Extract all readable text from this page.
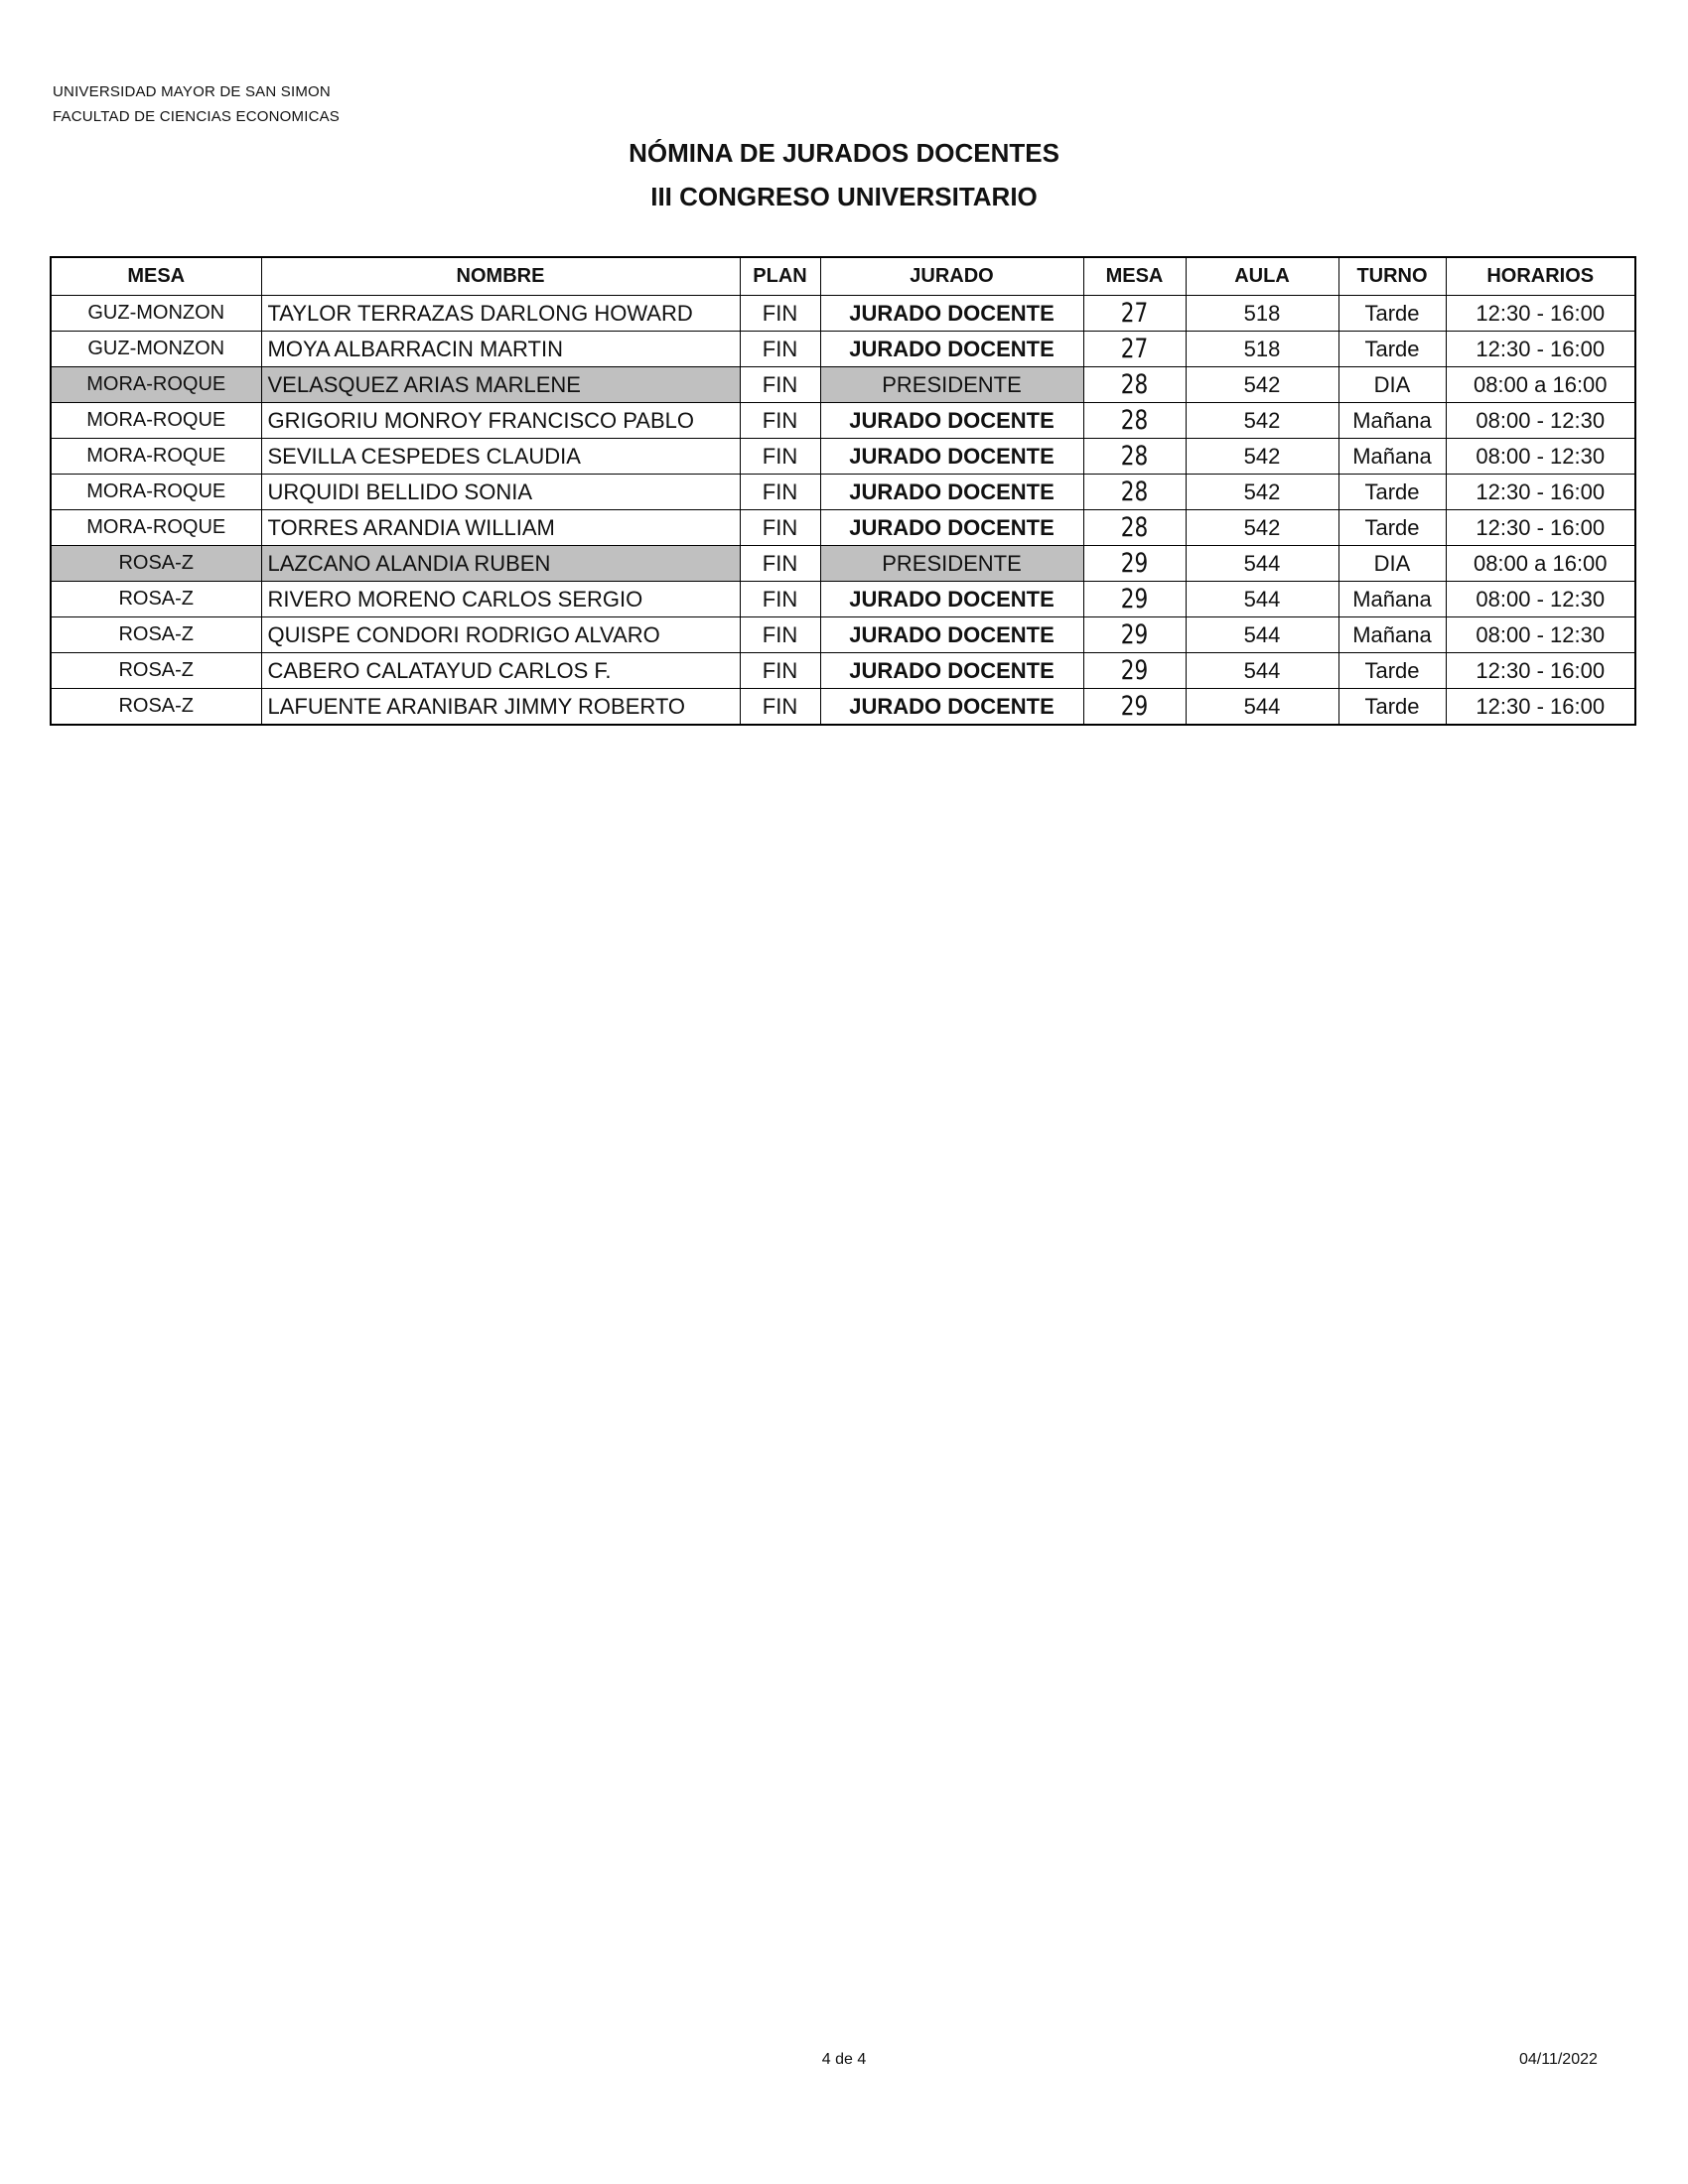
UNIVERSIDAD MAYOR DE SAN SIMON
FACULTAD DE CIENCIAS ECONOMICAS
NÓMINA DE JURADOS DOCENTES
III CONGRESO UNIVERSITARIO
MESA	NOMBRE	PLAN	JURADO	MESA	AULA	TURNO	HORARIOS
GUZ-MONZON	TAYLOR TERRAZAS DARLONG HOWARD	FIN	JURADO DOCENTE	27	518	Tarde	12:30 - 16:00
GUZ-MONZON	MOYA ALBARRACIN MARTIN	FIN	JURADO DOCENTE	27	518	Tarde	12:30 - 16:00
MORA-ROQUE	VELASQUEZ ARIAS MARLENE	FIN	PRESIDENTE	28	542	DIA	08:00 a 16:00
MORA-ROQUE	GRIGORIU MONROY FRANCISCO PABLO	FIN	JURADO DOCENTE	28	542	Mañana	08:00 - 12:30
MORA-ROQUE	SEVILLA CESPEDES CLAUDIA	FIN	JURADO DOCENTE	28	542	Mañana	08:00 - 12:30
MORA-ROQUE	URQUIDI BELLIDO SONIA	FIN	JURADO DOCENTE	28	542	Tarde	12:30 - 16:00
MORA-ROQUE	TORRES ARANDIA WILLIAM	FIN	JURADO DOCENTE	28	542	Tarde	12:30 - 16:00
ROSA-Z	LAZCANO ALANDIA RUBEN	FIN	PRESIDENTE	29	544	DIA	08:00 a 16:00
ROSA-Z	RIVERO MORENO CARLOS SERGIO	FIN	JURADO DOCENTE	29	544	Mañana	08:00 - 12:30
ROSA-Z	QUISPE CONDORI RODRIGO ALVARO	FIN	JURADO DOCENTE	29	544	Mañana	08:00 - 12:30
ROSA-Z	CABERO CALATAYUD CARLOS F.	FIN	JURADO DOCENTE	29	544	Tarde	12:30 - 16:00
ROSA-Z	LAFUENTE ARANIBAR JIMMY ROBERTO	FIN	JURADO DOCENTE	29	544	Tarde	12:30 - 16:00
4 de 4	04/11/2022
